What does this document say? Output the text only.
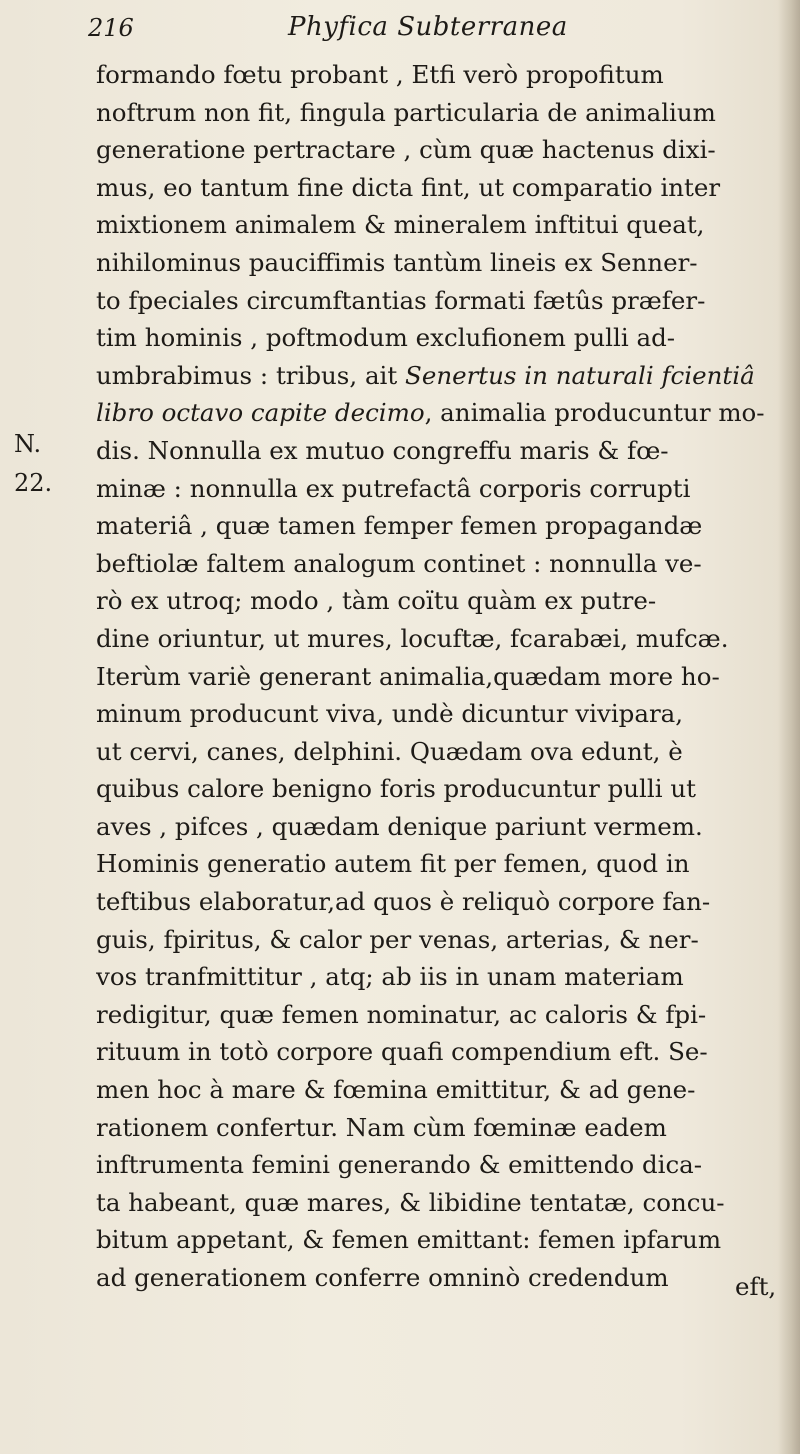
216	Phyfica Subterranea
N.
22.
formando fœtu probant , Etfi verò propofitum
noftrum non fit, fingula particularia de animalium
generatione pertractare , cùm quæ hactenus dixi-
mus, eo tantum fine dicta fint, ut comparatio inter
mixtionem animalem & mineralem inftitui queat,
nihilominus pauciffimis tantùm lineis ex Senner-
to fpeciales circumftantias formati fætûs præfer-
tim hominis , poftmodum exclufionem pulli ad-
umbrabimus : tribus, ait Senertus in naturali fcientiâ
libro octavo capite decimo, animalia producuntur mo-
dis. Nonnulla ex mutuo congreffu maris & fœ-
minæ : nonnulla ex putrefactâ corporis corrupti
materiâ , quæ tamen femper femen propagandæ
beftiolæ faltem analogum continet : nonnulla ve-
rò ex utroq; modo , tàm coïtu quàm ex putre-
dine oriuntur, ut mures, locuftæ, fcarabæi, mufcæ.
Iterùm variè generant animalia,quædam more ho-
minum producunt viva, undè dicuntur vivipara,
ut cervi, canes, delphini. Quædam ova edunt, è
quibus calore benigno foris producuntur pulli ut
aves , pifces , quædam denique pariunt vermem.
Hominis generatio autem fit per femen, quod in
teftibus elaboratur,ad quos è reliquò corpore fan-
guis, fpiritus, & calor per venas, arterias, & ner-
vos tranfmittitur , atq; ab iis in unam materiam
redigitur, quæ femen nominatur, ac caloris & fpi-
rituum in totò corpore quafi compendium eft. Se-
men hoc à mare & fœmina emittitur, & ad gene-
rationem confertur. Nam cùm fœminæ eadem
inftrumenta femini generando & emittendo dica-
ta habeant, quæ mares, & libidine tentatæ, concu-
bitum appetant, & femen emittant: femen ipfarum
ad generationem conferre omninò credendum	eft,
